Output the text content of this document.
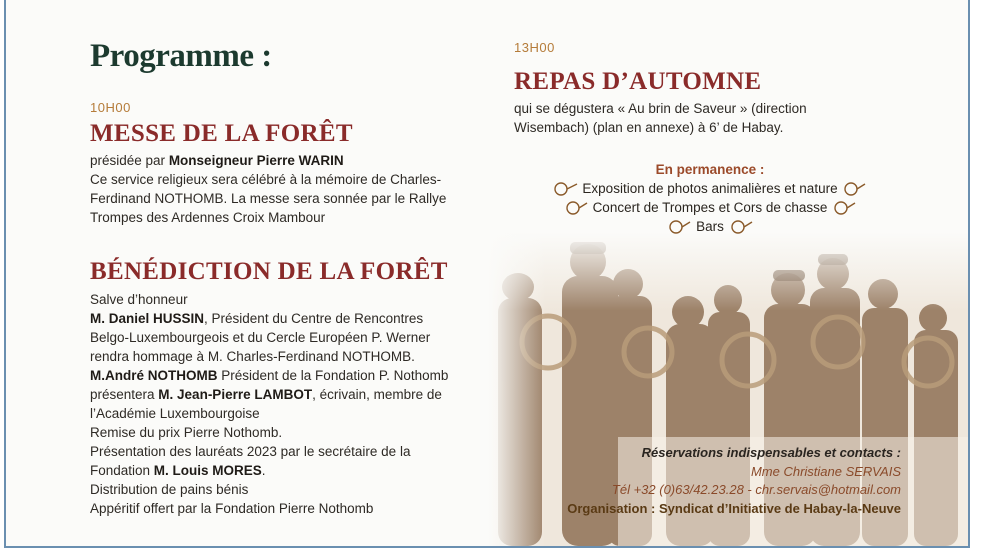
Programme :
10H00
MESSE DE LA FORÊT
présidée par Monseigneur Pierre WARIN
Ce service religieux sera célébré à la mémoire de Charles-
Ferdinand NOTHOMB. La messe sera sonnée par le Rallye
Trompes des Ardennes Croix Mambour
BÉNÉDICTION DE LA FORÊT
Salve d’honneur
M. Daniel HUSSIN, Président du Centre de Rencontres
Belgo-Luxembourgeois et du Cercle Européen P. Werner
rendra hommage à M. Charles-Ferdinand NOTHOMB.
M.André NOTHOMB Président de la Fondation P. Nothomb
présentera M. Jean-Pierre LAMBOT, écrivain, membre de
l’Académie Luxembourgoise
Remise du prix Pierre Nothomb.
Présentation des lauréats 2023 par le secrétaire de la
Fondation M. Louis MORES.
Distribution de pains bénis
Appéritif offert par la Fondation Pierre Nothomb
13H00
REPAS D’AUTOMNE
qui se dégustera « Au brin de Saveur » (direction
Wisembach) (plan en annexe) à 6’ de Habay.
En permanence :
Exposition de photos animalières et nature
Concert de Trompes et Cors de chasse
Bars
Réservations indispensables et contacts :
Mme Christiane SERVAIS
Tél +32 (0)63/42.23.28 - chr.servais@hotmail.com
Organisation : Syndicat d’Initiative de Habay-la-Neuve
